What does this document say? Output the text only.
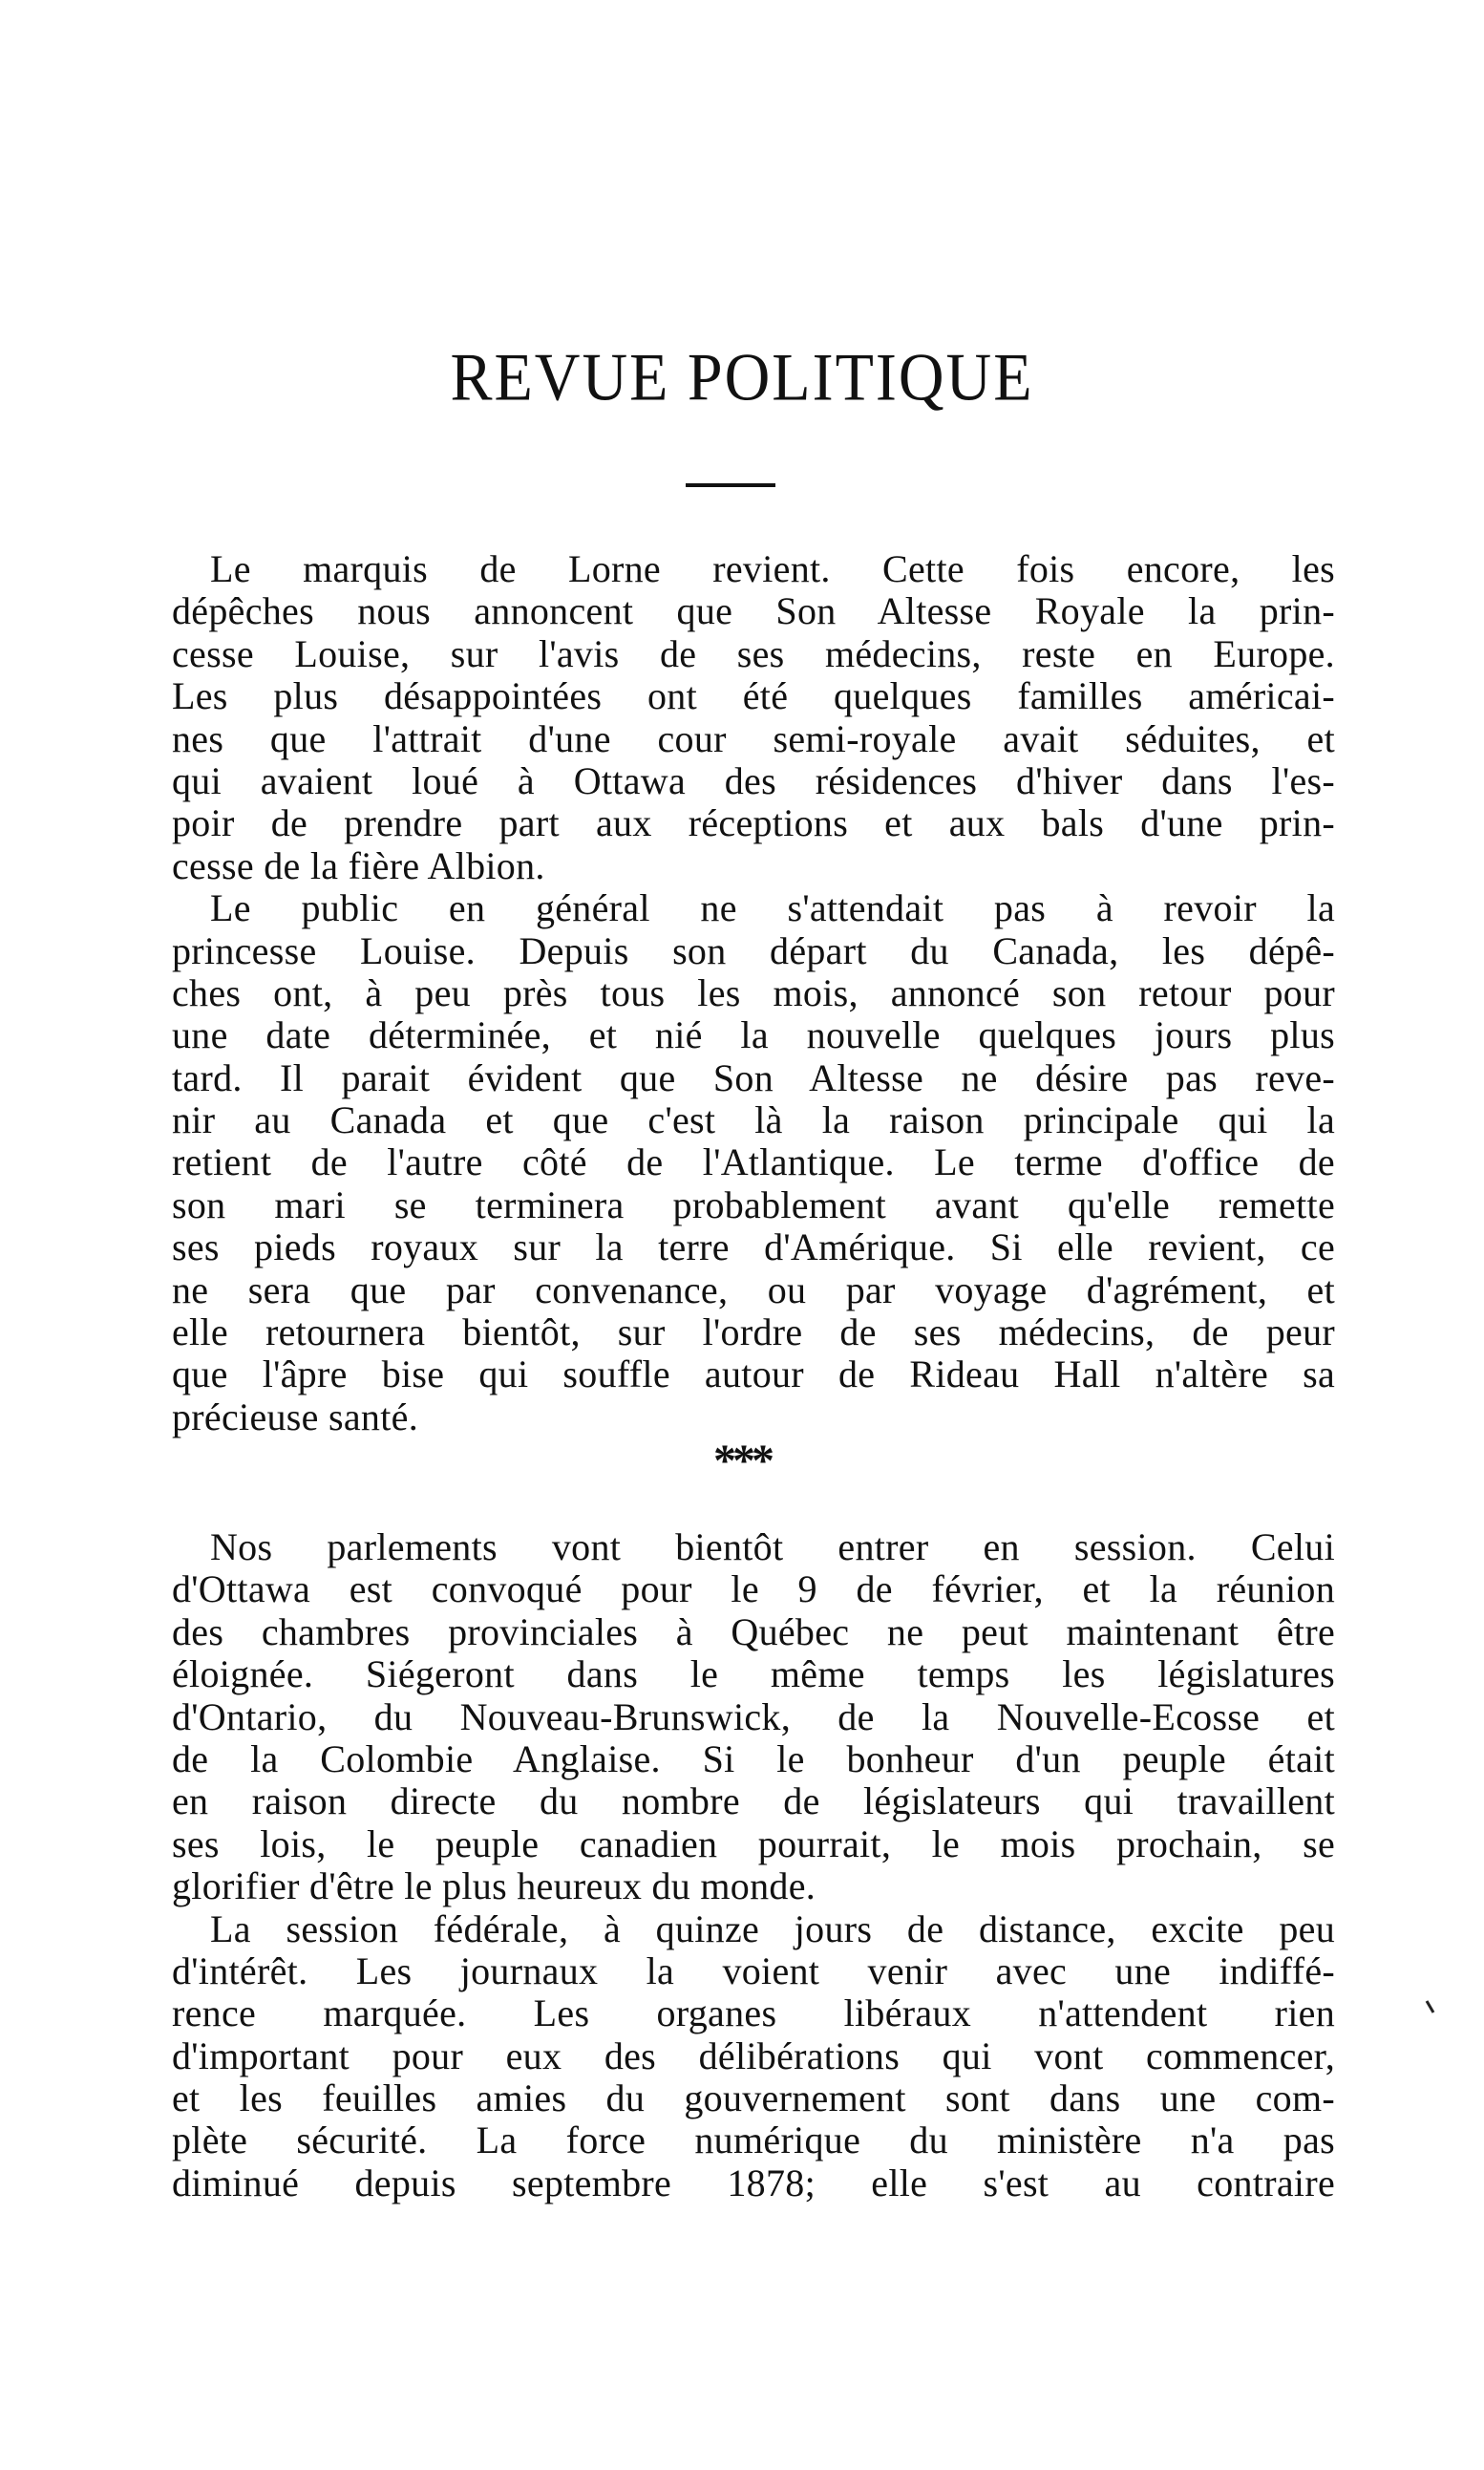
REVUE POLITIQUE
Le marquis de Lorne revient. Cette fois encore, les
dépêches nous annoncent que Son Altesse Royale la prin-
cesse Louise, sur l'avis de ses médecins, reste en Europe.
Les plus désappointées ont été quelques familles américai-
nes que l'attrait d'une cour semi-royale avait séduites, et
qui avaient loué à Ottawa des résidences d'hiver dans l'es-
poir de prendre part aux réceptions et aux bals d'une prin-
cesse de la fière Albion.
Le public en général ne s'attendait pas à revoir la
princesse Louise. Depuis son départ du Canada, les dépê-
ches ont, à peu près tous les mois, annoncé son retour pour
une date déterminée, et nié la nouvelle quelques jours plus
tard. Il parait évident que Son Altesse ne désire pas reve-
nir au Canada et que c'est là la raison principale qui la
retient de l'autre côté de l'Atlantique. Le terme d'office de
son mari se terminera probablement avant qu'elle remette
ses pieds royaux sur la terre d'Amérique. Si elle revient, ce
ne sera que par convenance, ou par voyage d'agrément, et
elle retournera bientôt, sur l'ordre de ses médecins, de peur
que l'âpre bise qui souffle autour de Rideau Hall n'altère sa
précieuse santé.
***
Nos parlements vont bientôt entrer en session. Celui
d'Ottawa est convoqué pour le 9 de février, et la réunion
des chambres provinciales à Québec ne peut maintenant être
éloignée. Siégeront dans le même temps les législatures
d'Ontario, du Nouveau-Brunswick, de la Nouvelle-Ecosse et
de la Colombie Anglaise. Si le bonheur d'un peuple était
en raison directe du nombre de législateurs qui travaillent
ses lois, le peuple canadien pourrait, le mois prochain, se
glorifier d'être le plus heureux du monde.
La session fédérale, à quinze jours de distance, excite peu
d'intérêt. Les journaux la voient venir avec une indiffé-
rence marquée. Les organes libéraux n'attendent rien
d'important pour eux des délibérations qui vont commencer,
et les feuilles amies du gouvernement sont dans une com-
plète sécurité. La force numérique du ministère n'a pas
diminué depuis septembre 1878; elle s'est au contraire
